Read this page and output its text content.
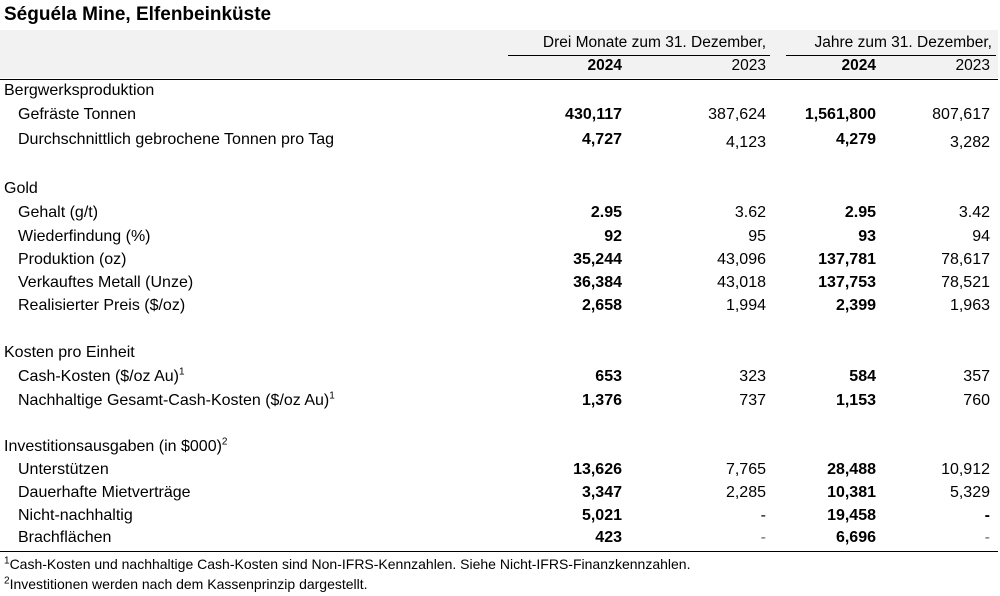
Séguéla Mine, Elfenbeinküste
Drei Monate zum 31. Dezember,	Jahre zum 31. Dezember,
2024	2023	2024	2023
Bergwerksproduktion
Gefräste Tonnen	430,117	387,624	1,561,800	807,617
Durchschnittlich gebrochene Tonnen pro Tag	4,727	4,123	4,279	3,282
Gold
Gehalt (g/t)	2.95	3.62	2.95	3.42
Wiederfindung (%)	92	95	93	94
Produktion (oz)	35,244	43,096	137,781	78,617
Verkauftes Metall (Unze)	36,384	43,018	137,753	78,521
Realisierter Preis ($/oz)	2,658	1,994	2,399	1,963
Kosten pro Einheit
Cash-Kosten ($/oz Au)$^1$	653	323	584	357
Nachhaltige Gesamt-Cash-Kosten ($/oz Au)$^1$	1,376	737	1,153	760
Investitionsausgaben (in $000)$^2$
Unterstützen	13,626	7,765	28,488	10,912
Dauerhafte Mietverträge	3,347	2,285	10,381	5,329
Nicht-nachhaltig	5,021	-	19,458	-
Brachflächen	423	-	6,696	-
$^1$Cash-Kosten und nachhaltige Cash-Kosten sind Non-IFRS-Kennzahlen. Siehe Nicht-IFRS-Finanzkennzahlen.
$^2$Investitionen werden nach dem Kassenprinzip dargestellt.
